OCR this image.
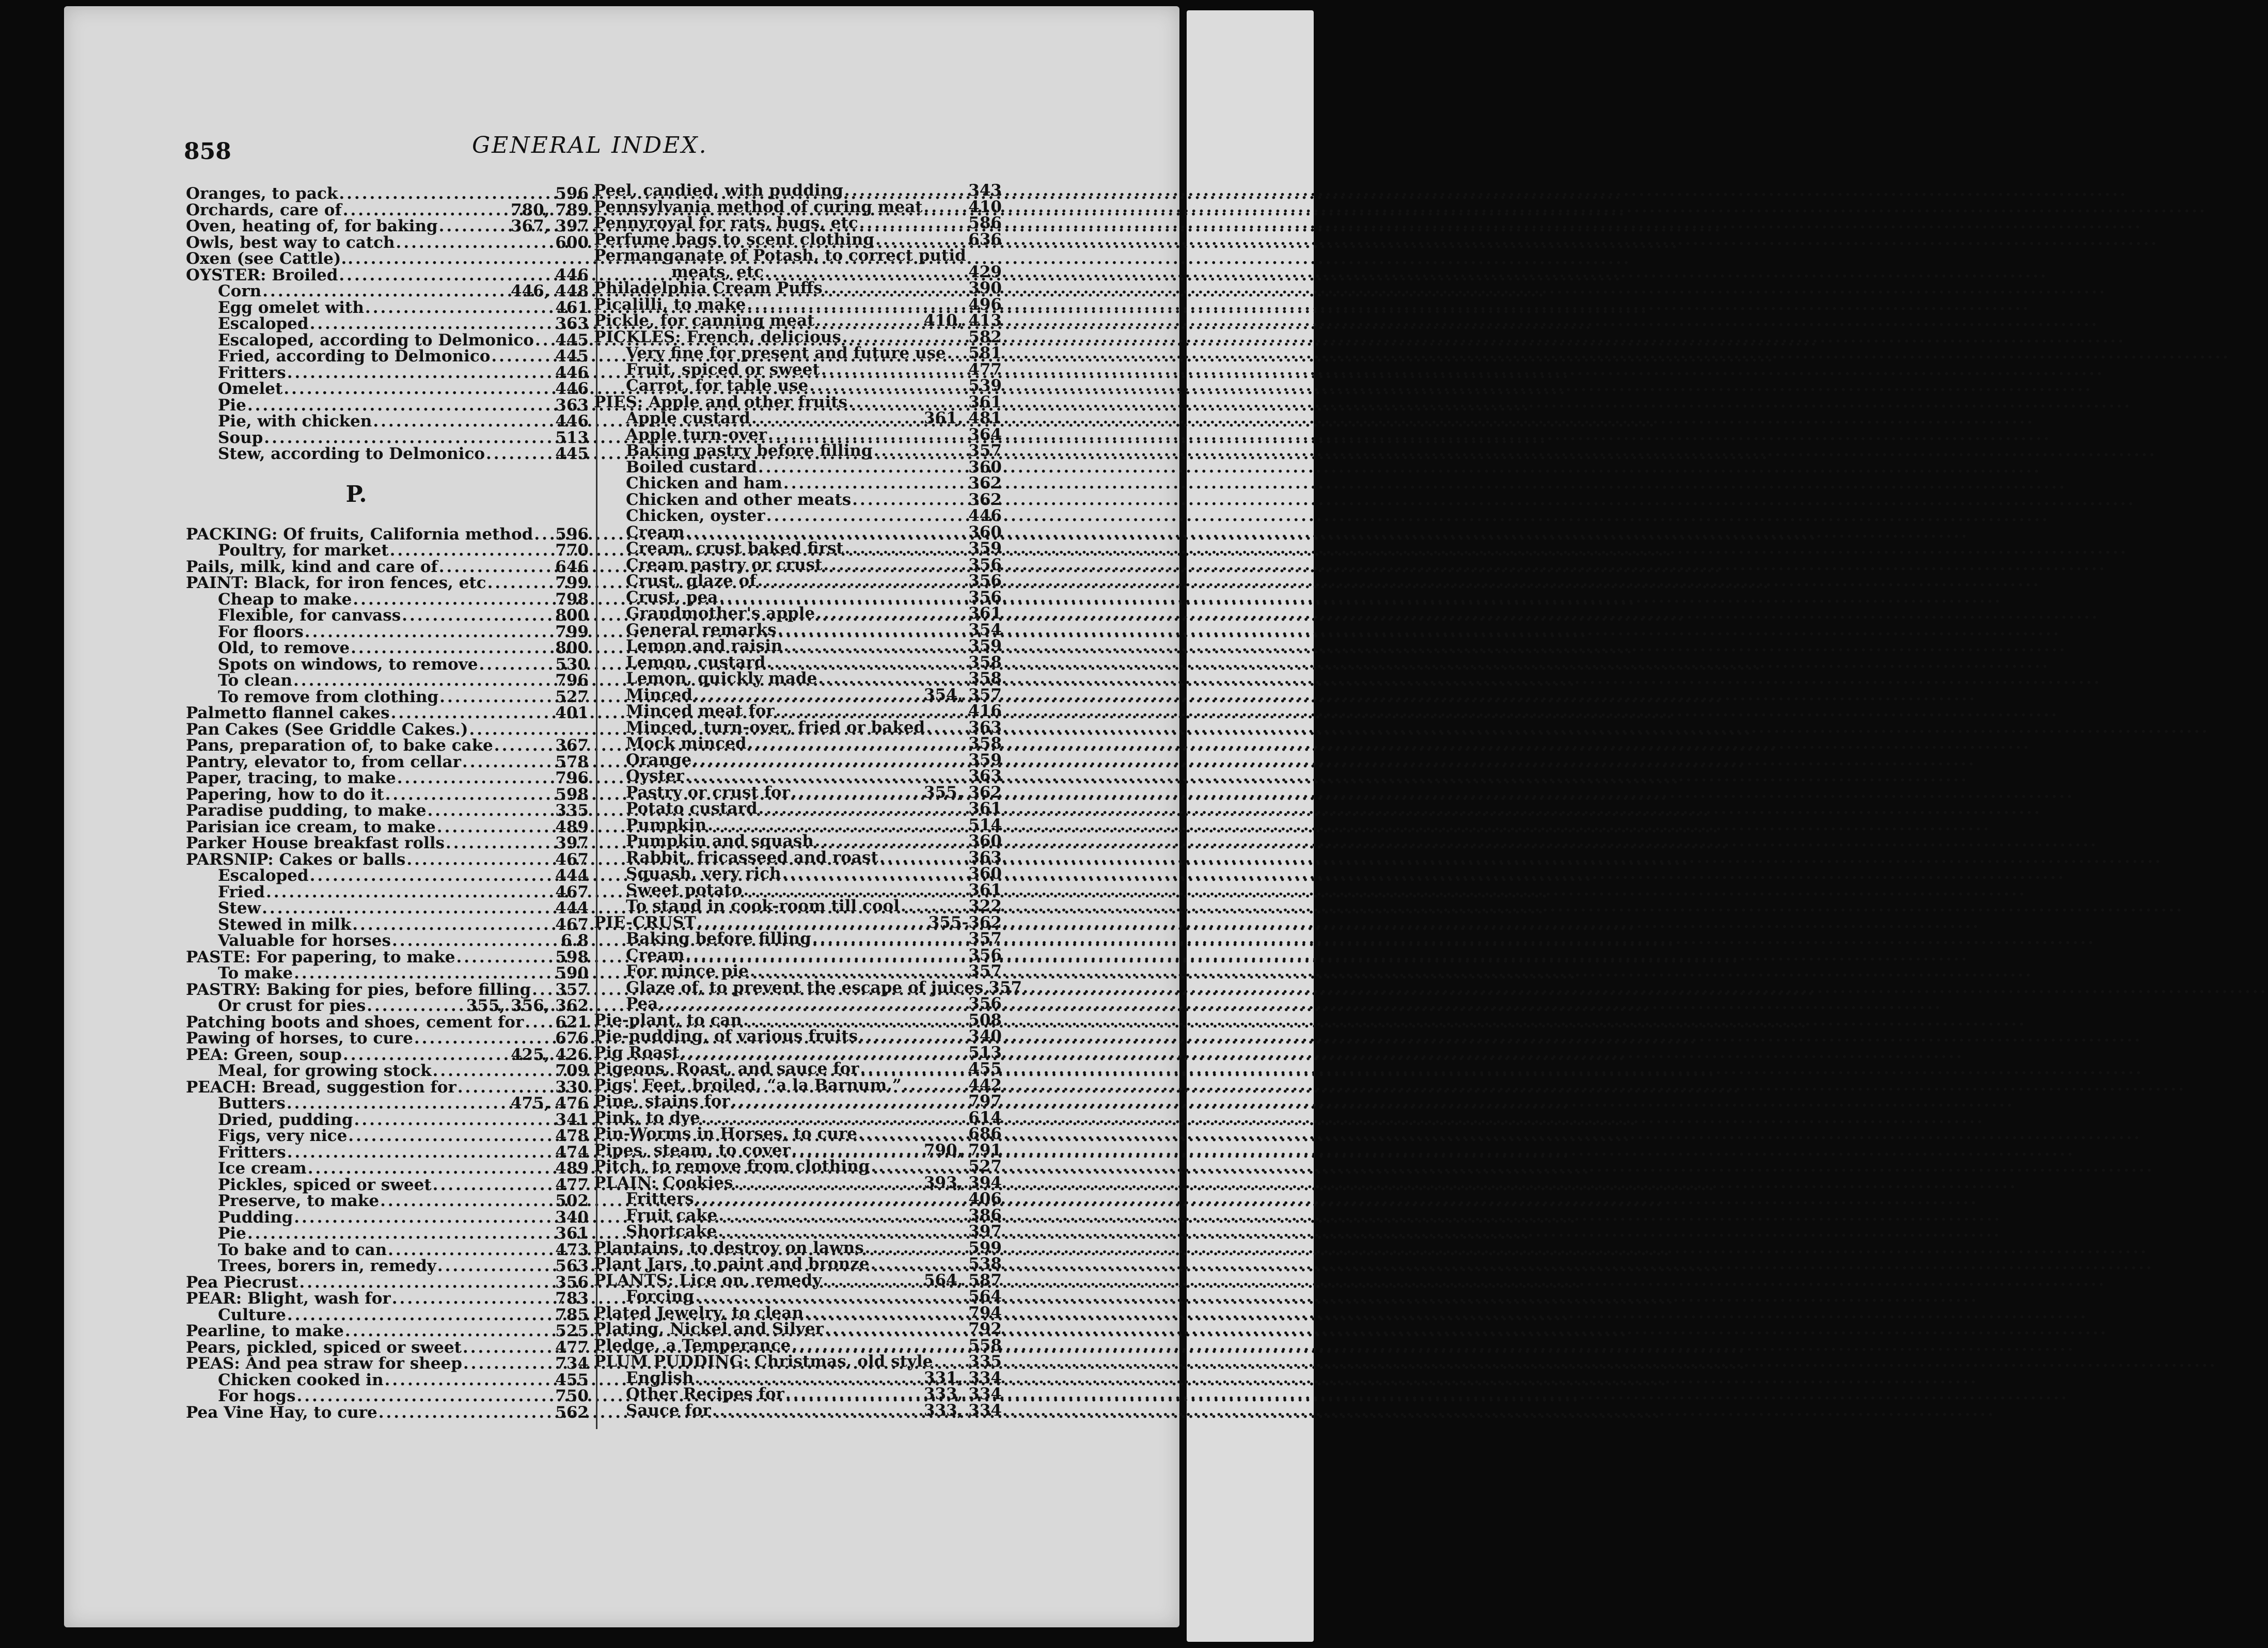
858	GENERAL INDEX.
Oranges, to pack .....	596
Orchards, care of .....	780, 789
Oven, heating of, for baking .....	367, 397
Owls, best way to catch .....	600
Oxen (see Cattle).
.....
OYSTER: Broiled .....	446
Corn .....	446, 448
Egg omelet with .....	461
Escaloped .....	363
Escaloped, according to Delmonico ..... 445
Fried, according to Delmonico .....	445
Fritters .....	446
Omelet .....	446
Pie .....	363
Pie, with chicken .....	446
Soup .....	513
Stew, according to Delmonico .....	445
P.
PACKING: Of fruits, California method ..... 596
Poultry, for market .....	770
Pails, milk, kind and care of .....	646
PAINT: Black, for iron fences, etc .....	799
Cheap to make .....	798
Flexible, for canvass .....	800
For floors .....	799
Old, to remove .....	800
Spots on windows, to remove .....	530
To clean .....	796
To remove from clothing .....	527
Palmetto flannel cakes .....	401
Pan Cakes (See Griddle Cakes.)
.....
Pans, preparation of, to bake cake .....	367
Pantry, elevator to, from cellar .....	578
Paper, tracing, to make .....	796
Papering, how to do it .....	598
Paradise pudding, to make .....	335
Parisian ice cream, to make .....	489
Parker House breakfast rolls .....	397
PARSNIP: Cakes or balls .....	467
Escaloped .....	444
Fried .....	467
Stew .....	444
Stewed in milk .....	467
Valuable for horses .....	6.8
PASTE: For papering, to make .....	598
To make .....	590
PASTRY: Baking for pies, before filling ..... 357
Or crust for pies .....	355, 356, 362
Patching boots and shoes, cement for ..... 621
Pawing of horses, to cure .....	676
PEA: Green, soup .....	425, 426
Meal, for growing stock .....	709
PEACH: Bread, suggestion for .....	330
Butters .....	475, 476
Dried, pudding .....	341
Figs, very nice .....	478
Fritters .....	474
Ice cream .....	489
Pickles, spiced or sweet .....	477
Preserve, to make .....	502
Pudding .....	340
Pie .....	361
To bake and to can .....	473
Trees, borers in, remedy .....	563
Pea Piecrust .....	356
PEAR: Blight, wash for .....	783
Culture .....	785
Pearline, to make .....	525
Pears, pickled, spiced or sweet .....	477
PEAS: And pea straw for sheep .....	734
Chicken cooked in .....	455
For hogs .....	750
Pea Vine Hay, to cure .....	562
Peel, candied, with pudding .....	343
Pennsylvania method of curing meat .....	410
Pennyroyal for rats, bugs, etc .....	586
Perfume bags to scent clothing .....	636
Permanganate of Potash, to correct putid
meats, etc .....	429
Philadelphia Cream Puffs .....	390
Picalilli, to make .....	496
Pickle, for canning meat .....	410, 413
PICKLES: French, delicious .....	582
Very fine for present and future use ..... 581
Fruit, spiced or sweet .....	477
Carrot, for table use .....	539
PIES: Apple and other fruits .....	361
Apple custard .....	361, 481
Apple turn-over .....	364
Baking pastry before filling .....	357
Boiled custard .....	360
Chicken and ham .....	362
Chicken and other meats .....	362
Chicken, oyster .....	446
Cream .....	360
Cream, crust baked first .....	359
Cream pastry or crust .....	356
Crust, glaze of .....	356
Crust, pea .....	356
Grandmother's apple .....	361
General remarks .....	354
Lemon and raisin .....	359
Lemon, custard .....	358
Lemon, quickly made .....	358
Minced .....	354, 357
Minced meat for .....	416
Minced, turn-over, fried or baked .....	363
Mock minced .....	358
Orange .....	359
Oyster .....	363
Pastry or crust for .....	355, 362
Potato custard .....	361
Pumpkin .....	514
Pumpkin and squash .....	360
Rabbit, fricasseed and roast .....	363
Squash, very rich .....	360
Sweet potato .....	361
To stand in cook-room till cool .....	322
PIE-CRUST .....	355-362
Baking before filling .....	357
Cream .....	356
For mince pie .....	357
Glaze of, to prevent the escape of juices ..... 357
Pea .....	356
Pie-plant, to can .....	508
Pie-pudding, of various fruits .....	340
Pig Roast .....	513
Pigeons, Roast, and sauce for .....	455
Pigs' Feet, broiled, “a la Barnum,” .....	442
Pine, stains for .....	797
Pink, to dye .....	614
Pin-Worms in Horses, to cure .....	686
Pipes, steam, to cover .....	790, 791
Pitch, to remove from clothing .....	527
PLAIN: Cookies .....	393, 394
Fritters .....	406
Fruit cake .....	386
Shortcake .....	397
Plantains, to destroy on lawns .....	599
Plant Jars, to paint and bronze .....	538
PLANTS: Lice on, remedy .....	564, 587
Forcing .....	564
Plated Jewelry, to clean .....	794
Plating, Nickel and Silver .....	792
Pledge, a Temperance .....	558
PLUM PUDDING: Christmas, old style ..... 335
English .....	331, 334
Other Recipes for .....	333, 334
Sauce for .....	333, 334
